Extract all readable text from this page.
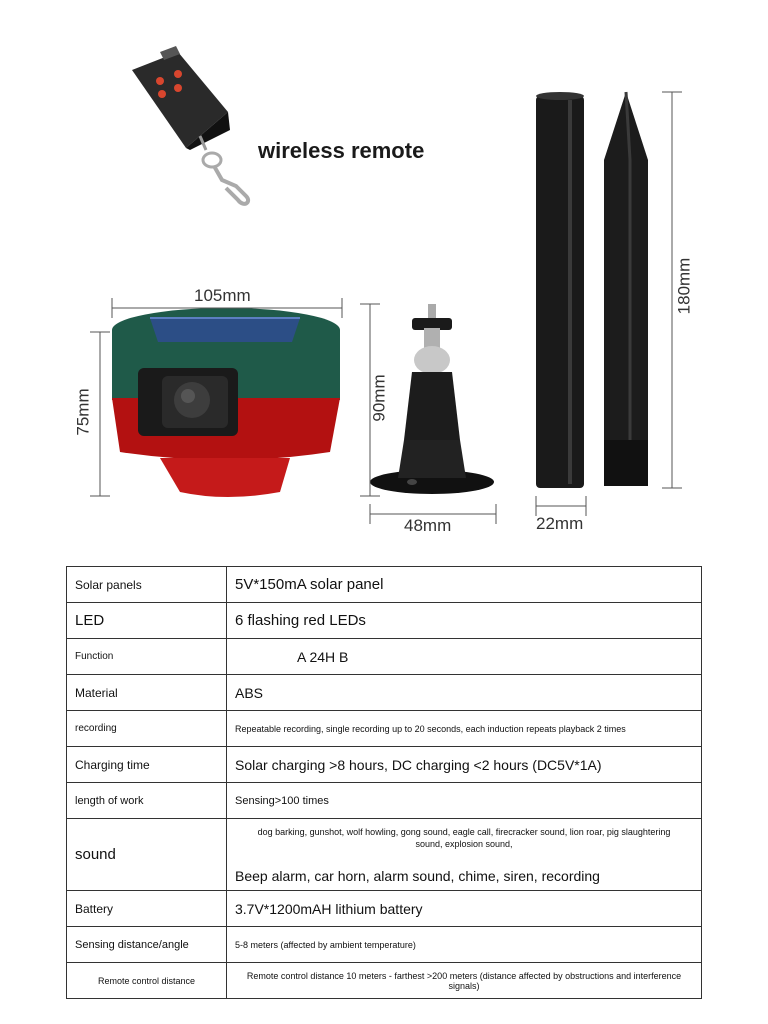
wireless remote
105mm
75mm	90mm
48mm
180mm
22mm
Solar panels	5V*150mA solar panel
LED	6 flashing red LEDs
Function	A 24H B
Material	ABS
recording	Repeatable recording, single recording up to 20 seconds, each induction repeats playback 2 times
Charging time	Solar charging >8 hours, DC charging <2 hours (DC5V*1A)
length of work	Sensing>100 times
sound	dog barking, gunshot, wolf howling, gong sound, eagle call, firecracker sound, lion roar, pig slaughtering sound, explosion sound,
Beep alarm, car horn, alarm sound, chime, siren, recording

Battery	3.7V*1200mAH lithium battery
Sensing distance/angle	5-8 meters (affected by ambient temperature)
Remote control distance	Remote control distance 10 meters - farthest >200 meters (distance affected by obstructions and interference signals)
